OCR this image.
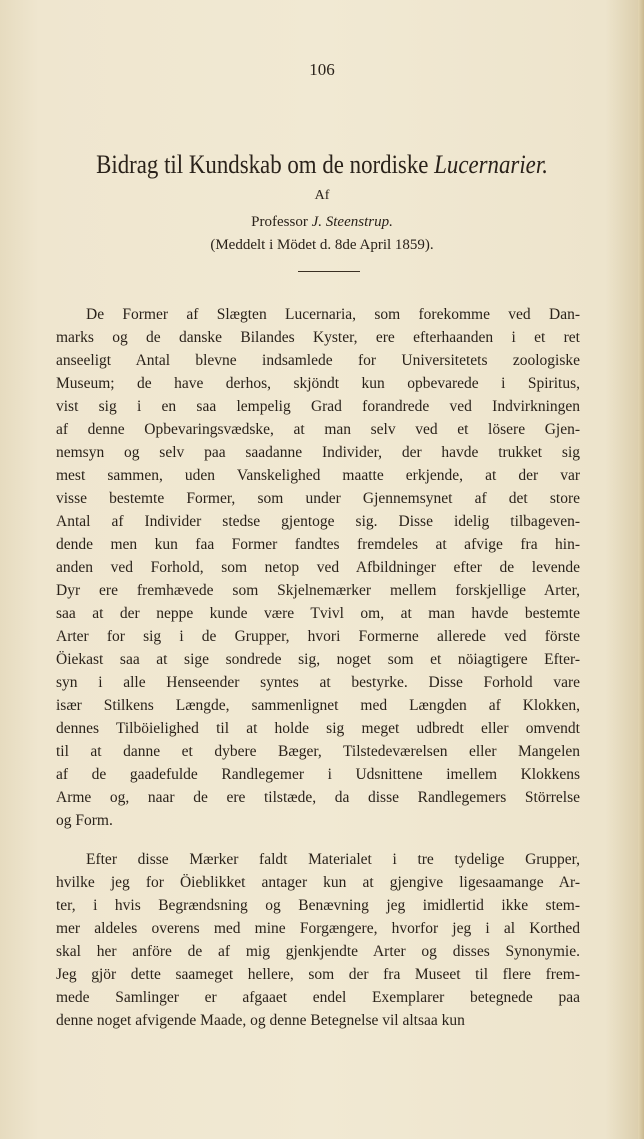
106
Bidrag til Kundskab om de nordiske Lucernarier.
Af
Professor J. Steenstrup.
(Meddelt i Mödet d. 8de April 1859).
De Former af Slægten Lucernaria, som forekomme ved Dan-
marks og de danske Bilandes Kyster, ere efterhaanden i et ret
anseeligt Antal blevne indsamlede for Universitetets zoologiske
Museum; de have derhos, skjöndt kun opbevarede i Spiritus,
vist sig i en saa lempelig Grad forandrede ved Indvirkningen
af denne Opbevaringsvædske, at man selv ved et lösere Gjen-
nemsyn og selv paa saadanne Individer, der havde trukket sig
mest sammen, uden Vanskelighed maatte erkjende, at der var
visse bestemte Former, som under Gjennemsynet af det store
Antal af Individer stedse gjentoge sig. Disse idelig tilbageven-
dende men kun faa Former fandtes fremdeles at afvige fra hin-
anden ved Forhold, som netop ved Afbildninger efter de levende
Dyr ere fremhævede som Skjelnemærker mellem forskjellige Arter,
saa at der neppe kunde være Tvivl om, at man havde bestemte
Arter for sig i de Grupper, hvori Formerne allerede ved förste
Öiekast saa at sige sondrede sig, noget som et nöiagtigere Efter-
syn i alle Henseender syntes at bestyrke. Disse Forhold vare
især Stilkens Længde, sammenlignet med Længden af Klokken,
dennes Tilböielighed til at holde sig meget udbredt eller omvendt
til at danne et dybere Bæger, Tilstedeværelsen eller Mangelen
af de gaadefulde Randlegemer i Udsnittene imellem Klokkens
Arme og, naar de ere tilstæde, da disse Randlegemers Störrelse
og Form.
Efter disse Mærker faldt Materialet i tre tydelige Grupper,
hvilke jeg for Öieblikket antager kun at gjengive ligesaamange Ar-
ter, i hvis Begrændsning og Benævning jeg imidlertid ikke stem-
mer aldeles overens med mine Forgængere, hvorfor jeg i al Korthed
skal her anföre de af mig gjenkjendte Arter og disses Synonymie.
Jeg gjör dette saameget hellere, som der fra Museet til flere frem-
mede Samlinger er afgaaet endel Exemplarer betegnede paa
denne noget afvigende Maade, og denne Betegnelse vil altsaa kun
